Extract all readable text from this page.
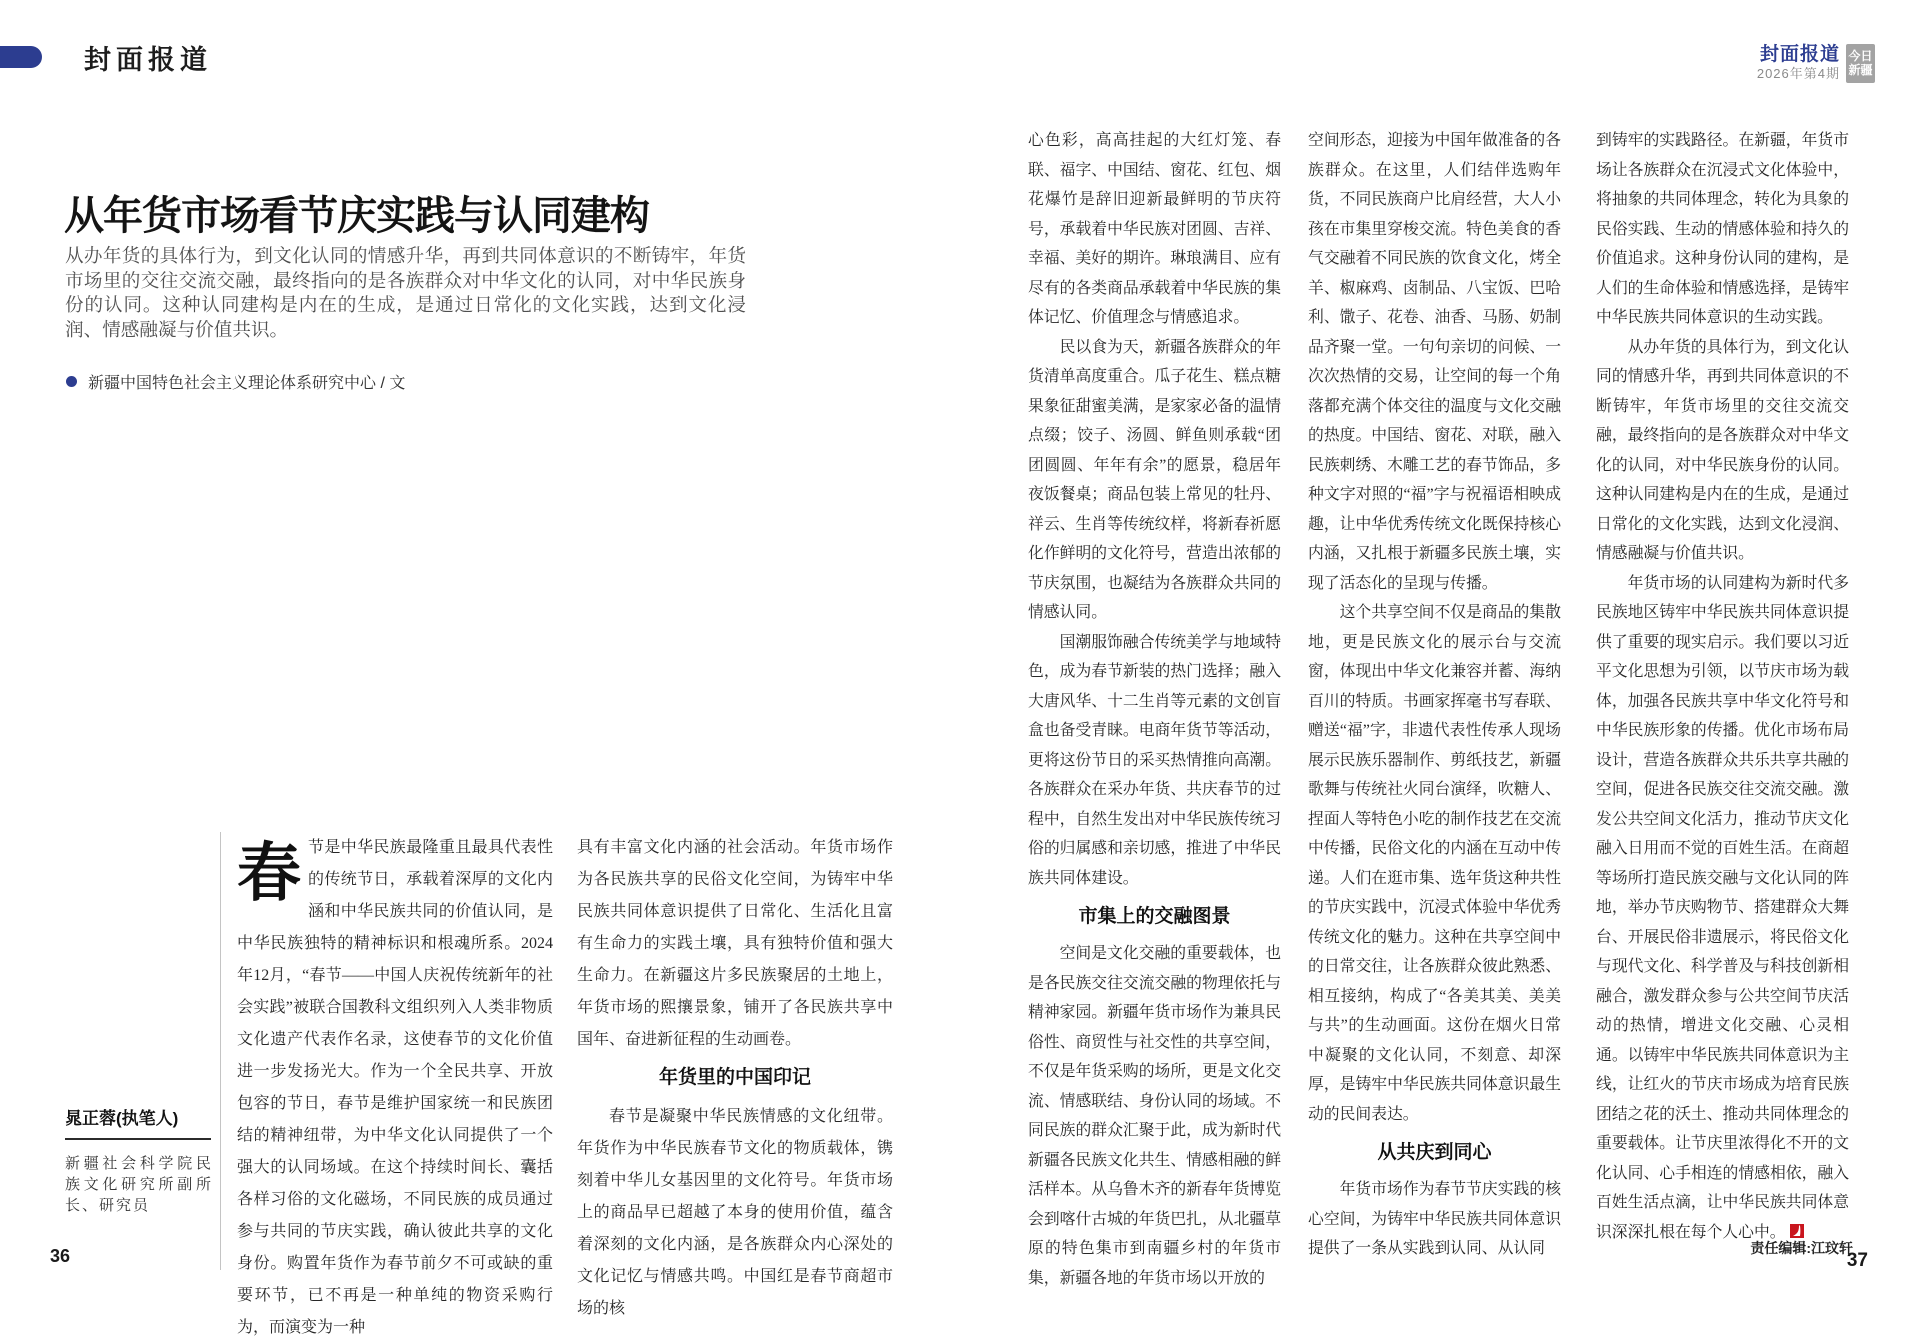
封面报道	封面报道
2026年第4期
今日
新疆
从年货市场看节庆实践与认同建构
从办年货的具体行为，到文化认同的情感升华，再到共同体意识的不断铸牢，年货市场里的交往交流交融，最终指向的是各族群众对中华文化的认同，对中华民族身份的认同。这种认同建构是内在的生成，是通过日常化的文化实践，达到文化浸润、情感融凝与价值共识。
新疆中国特色社会主义理论体系研究中心 / 文
晁正蓉(执笔人)
新疆社会科学院民族文化研究所副所长、研究员

春节是中华民族最隆重且最具代表性的传统节日，承载着深厚的文化内涵和中华民族共同的价值认同，是中华民族独特的精神标识和根魂所系。2024年12月，“春节——中国人庆祝传统新年的社会实践”被联合国教科文组织列入人类非物质文化遗产代表作名录，这使春节的文化价值进一步发扬光大。作为一个全民共享、开放包容的节日，春节是维护国家统一和民族团结的精神纽带，为中华文化认同提供了一个强大的认同场域。在这个持续时间长、囊括各样习俗的文化磁场，不同民族的成员通过参与共同的节庆实践，确认彼此共享的文化身份。购置年货作为春节前夕不可或缺的重要环节，已不再是一种单纯的物资采购行为，而演变为一种

具有丰富文化内涵的社会活动。年货市场作为各民族共享的民俗文化空间，为铸牢中华民族共同体意识提供了日常化、生活化且富有生命力的实践土壤，具有独特价值和强大生命力。在新疆这片多民族聚居的土地上，年货市场的熙攘景象，铺开了各民族共享中国年、奋进新征程的生动画卷。

年货里的中国印记

春节是凝聚中华民族情感的文化纽带。年货作为中华民族春节文化的物质载体，镌刻着中华儿女基因里的文化符号。年货市场上的商品早已超越了本身的使用价值，蕴含着深刻的文化内涵，是各族群众内心深处的文化记忆与情感共鸣。中国红是春节商超市场的核

心色彩，高高挂起的大红灯笼、春联、福字、中国结、窗花、红包、烟花爆竹是辞旧迎新最鲜明的节庆符号，承载着中华民族对团圆、吉祥、幸福、美好的期许。琳琅满目、应有尽有的各类商品承载着中华民族的集体记忆、价值理念与情感追求。

民以食为天，新疆各族群众的年货清单高度重合。瓜子花生、糕点糖果象征甜蜜美满，是家家必备的温情点缀；饺子、汤圆、鲜鱼则承载“团团圆圆、年年有余”的愿景，稳居年夜饭餐桌；商品包装上常见的牡丹、祥云、生肖等传统纹样，将新春祈愿化作鲜明的文化符号，营造出浓郁的节庆氛围，也凝结为各族群众共同的情感认同。

国潮服饰融合传统美学与地域特色，成为春节新装的热门选择；融入大唐风华、十二生肖等元素的文创盲盒也备受青睐。电商年货节等活动，更将这份节日的采买热情推向高潮。各族群众在采办年货、共庆春节的过程中，自然生发出对中华民族传统习俗的归属感和亲切感，推进了中华民族共同体建设。

市集上的交融图景

空间是文化交融的重要载体，也是各民族交往交流交融的物理依托与精神家园。新疆年货市场作为兼具民俗性、商贸性与社交性的共享空间，不仅是年货采购的场所，更是文化交流、情感联结、身份认同的场域。不同民族的群众汇聚于此，成为新时代新疆各民族文化共生、情感相融的鲜活样本。从乌鲁木齐的新春年货博览会到喀什古城的年货巴扎，从北疆草原的特色集市到南疆乡村的年货市集，新疆各地的年货市场以开放的

空间形态，迎接为中国年做准备的各族群众。在这里，人们结伴选购年货，不同民族商户比肩经营，大人小孩在市集里穿梭交流。特色美食的香气交融着不同民族的饮食文化，烤全羊、椒麻鸡、卤制品、八宝饭、巴哈利、馓子、花卷、油香、马肠、奶制品齐聚一堂。一句句亲切的问候、一次次热情的交易，让空间的每一个角落都充满个体交往的温度与文化交融的热度。中国结、窗花、对联，融入民族刺绣、木雕工艺的春节饰品，多种文字对照的“福”字与祝福语相映成趣，让中华优秀传统文化既保持核心内涵，又扎根于新疆多民族土壤，实现了活态化的呈现与传播。

这个共享空间不仅是商品的集散地，更是民族文化的展示台与交流窗，体现出中华文化兼容并蓄、海纳百川的特质。书画家挥毫书写春联、赠送“福”字，非遗代表性传承人现场展示民族乐器制作、剪纸技艺，新疆歌舞与传统社火同台演绎，吹糖人、捏面人等特色小吃的制作技艺在交流中传播，民俗文化的内涵在互动中传递。人们在逛市集、选年货这种共性的节庆实践中，沉浸式体验中华优秀传统文化的魅力。这种在共享空间中的日常交往，让各族群众彼此熟悉、相互接纳，构成了“各美其美、美美与共”的生动画面。这份在烟火日常中凝聚的文化认同，不刻意、却深厚，是铸牢中华民族共同体意识最生动的民间表达。

从共庆到同心

年货市场作为春节节庆实践的核心空间，为铸牢中华民族共同体意识提供了一条从实践到认同、从认同

到铸牢的实践路径。在新疆，年货市场让各族群众在沉浸式文化体验中，将抽象的共同体理念，转化为具象的民俗实践、生动的情感体验和持久的价值追求。这种身份认同的建构，是人们的生命体验和情感选择，是铸牢中华民族共同体意识的生动实践。

从办年货的具体行为，到文化认同的情感升华，再到共同体意识的不断铸牢，年货市场里的交往交流交融，最终指向的是各族群众对中华文化的认同，对中华民族身份的认同。这种认同建构是内在的生成，是通过日常化的文化实践，达到文化浸润、情感融凝与价值共识。

年货市场的认同建构为新时代多民族地区铸牢中华民族共同体意识提供了重要的现实启示。我们要以习近平文化思想为引领，以节庆市场为载体，加强各民族共享中华文化符号和中华民族形象的传播。优化市场布局设计，营造各族群众共乐共享共融的空间，促进各民族交往交流交融。激发公共空间文化活力，推动节庆文化融入日用而不觉的百姓生活。在商超等场所打造民族交融与文化认同的阵地，举办节庆购物节、搭建群众大舞台、开展民俗非遗展示，将民俗文化与现代文化、科学普及与科技创新相融合，激发群众参与公共空间节庆活动的热情，增进文化交融、心灵相通。以铸牢中华民族共同体意识为主线，让红火的节庆市场成为培育民族团结之花的沃土、推动共同体理念的重要载体。让节庆里浓得化不开的文化认同、心手相连的情感相依，融入百姓生活点滴，让中华民族共同体意识深深扎根在每个人心中。

36	责任编辑:江玟轩
37
